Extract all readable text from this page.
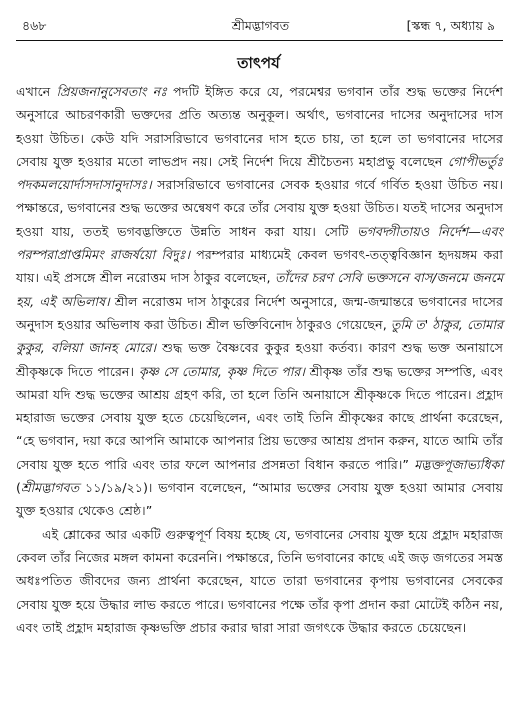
৪৬৮	শ্রীমদ্ভাগবত	[স্কন্ধ ৭, অধ্যায় ৯
তাৎপর্য

এখানে প্রিয়জনানুসেবতাং নঃ পদটি ইঙ্গিত করে যে, পরমেশ্বর ভগবান তাঁর শুদ্ধ ভক্তের নির্দেশ অনুসারে আচরণকারী ভক্তদের প্রতি অত্যন্ত অনুকূল। অর্থাৎ, ভগবানের দাসের অনুদাসের দাস হওয়া উচিত। কেউ যদি সরাসরিভাবে ভগবানের দাস হতে চায়, তা হলে তা ভগবানের দাসের সেবায় যুক্ত হওয়ার মতো লাভপ্রদ নয়। সেই নির্দেশ দিয়ে শ্রীচৈতন্য মহাপ্রভু বলেছেন গোপীভর্তুঃ পদকমলয়োর্দাসদাসানুদাসঃ। সরাসরিভাবে ভগবানের সেবক হওয়ার গর্বে গর্বিত হওয়া উচিত নয়। পক্ষান্তরে, ভগবানের শুদ্ধ ভক্তের অন্বেষণ করে তাঁর সেবায় যুক্ত হওয়া উচিত। যতই দাসের অনুদাস হওয়া যায়, ততই ভগবদ্ভক্তিতে উন্নতি সাধন করা যায়। সেটি ভগবদ্গীতায়ও নির্দেশ—এবং পরম্পরাপ্রাপ্তমিমং রাজর্ষয়ো বিদুঃ। পরম্পরার মাধ্যমেই কেবল ভগবৎ-তত্ত্ববিজ্ঞান হৃদয়ঙ্গম করা যায়। এই প্রসঙ্গে শ্রীল নরোত্তম দাস ঠাকুর বলেছেন, তাঁদের চরণ সেবি ভক্তসনে বাস/জনমে জনমে হয়, এই অভিলাষ। শ্রীল নরোত্তম দাস ঠাকুরের নির্দেশ অনুসারে, জন্ম-জন্মান্তরে ভগবানের দাসের অনুদাস হওয়ার অভিলাষ করা উচিত। শ্রীল ভক্তিবিনোদ ঠাকুরও গেয়েছেন, তুমি ত' ঠাকুর, তোমার কুকুর, বলিয়া জানহ মোরে। শুদ্ধ ভক্ত বৈষ্ণবের কুকুর হওয়া কর্তব্য। কারণ শুদ্ধ ভক্ত অনায়াসে শ্রীকৃষ্ণকে দিতে পারেন। কৃষ্ণ সে তোমার, কৃষ্ণ দিতে পার। শ্রীকৃষ্ণ তাঁর শুদ্ধ ভক্তের সম্পত্তি, এবং আমরা যদি শুদ্ধ ভক্তের আশ্রয় গ্রহণ করি, তা হলে তিনি অনায়াসে শ্রীকৃষ্ণকে দিতে পারেন। প্রহ্লাদ মহারাজ ভক্তের সেবায় যুক্ত হতে চেয়েছিলেন, এবং তাই তিনি শ্রীকৃষ্ণের কাছে প্রার্থনা করেছেন, “হে ভগবান, দয়া করে আপনি আমাকে আপনার প্রিয় ভক্তের আশ্রয় প্রদান করুন, যাতে আমি তাঁর সেবায় যুক্ত হতে পারি এবং তার ফলে আপনার প্রসন্নতা বিধান করতে পারি।” মদ্ভক্তপূজাভ্যধিকা (শ্রীমদ্ভাগবত ১১/১৯/২১)। ভগবান বলেছেন, “আমার ভক্তের সেবায় যুক্ত হওয়া আমার সেবায় যুক্ত হওয়ার থেকেও শ্রেষ্ঠ।”

এই শ্লোকের আর একটি গুরুত্বপূর্ণ বিষয় হচ্ছে যে, ভগবানের সেবায় যুক্ত হয়ে প্রহ্লাদ মহারাজ কেবল তাঁর নিজের মঙ্গল কামনা করেননি। পক্ষান্তরে, তিনি ভগবানের কাছে এই জড় জগতের সমস্ত অধঃপতিত জীবদের জন্য প্রার্থনা করেছেন, যাতে তারা ভগবানের কৃপায় ভগবানের সেবকের সেবায় যুক্ত হয়ে উদ্ধার লাভ করতে পারে। ভগবানের পক্ষে তাঁর কৃপা প্রদান করা মোটেই কঠিন নয়, এবং তাই প্রহ্লাদ মহারাজ কৃষ্ণভক্তি প্রচার করার দ্বারা সারা জগৎকে উদ্ধার করতে চেয়েছেন।
